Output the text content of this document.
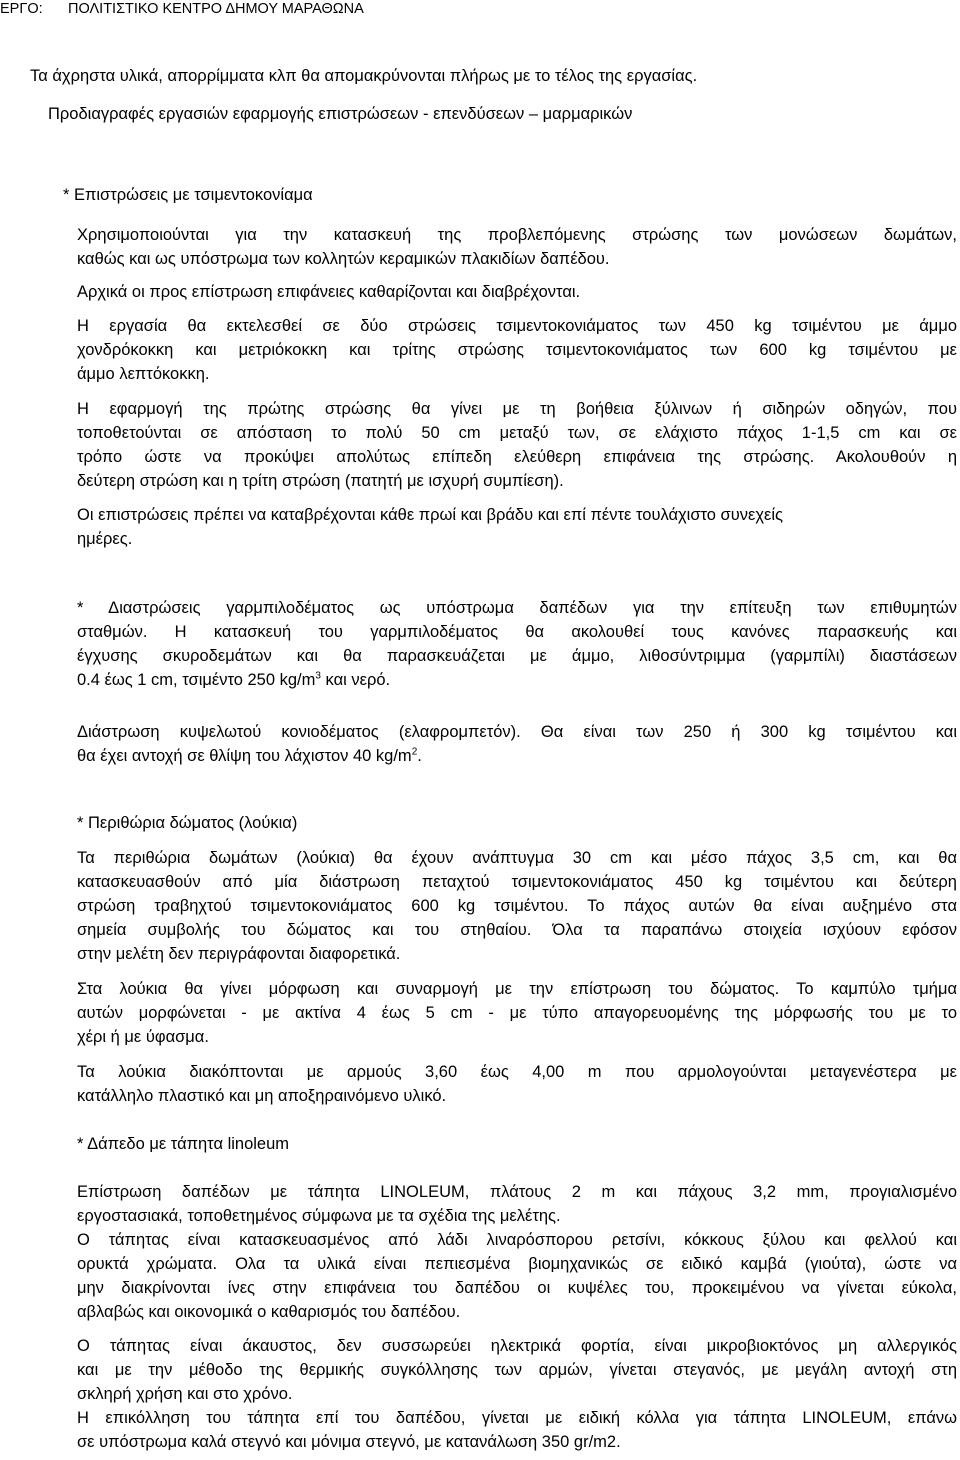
ΕΡΓΟ: ΠΟΛΙΤΙΣΤΙΚΟ ΚΕΝΤΡΟ ΔΗΜΟΥ ΜΑΡΑΘΩΝΑ
Τα άχρηστα υλικά, απορρίμματα κλπ θα απομακρύνονται πλήρως με το τέλος της εργασίας.
Προδιαγραφές εργασιών εφαρμογής επιστρώσεων - επενδύσεων – μαρμαρικών
* Επιστρώσεις με τσιμεντοκονίαμα
Χρησιμοποιούνται για την κατασκευή της προβλεπόμενης στρώσης των μονώσεων δωμάτων,
καθώς και ως υπόστρωμα των κολλητών κεραμικών πλακιδίων δαπέδου.
Αρχικά οι προς επίστρωση επιφάνειες καθαρίζονται και διαβρέχονται.
Η εργασία θα εκτελεσθεί σε δύο στρώσεις τσιμεντοκονιάματος των 450 kg τσιμέντου με άμμο
χονδρόκοκκη και μετριόκοκκη και τρίτης στρώσης τσιμεντοκονιάματος των 600 kg τσιμέντου με
άμμο λεπτόκοκκη.
Η εφαρμογή της πρώτης στρώσης θα γίνει με τη βοήθεια ξύλινων ή σιδηρών οδηγών, που
τοποθετούνται σε απόσταση το πολύ 50 cm μεταξύ των, σε ελάχιστο πάχος 1-1,5 cm και σε
τρόπο ώστε να προκύψει απολύτως επίπεδη ελεύθερη επιφάνεια της στρώσης. Ακολουθούν η
δεύτερη στρώση και η τρίτη στρώση (πατητή με ισχυρή συμπίεση).
Οι επιστρώσεις πρέπει να καταβρέχονται κάθε πρωί και βράδυ και επί πέντε τουλάχιστο συνεχείς
ημέρες.
* Διαστρώσεις γαρμπιλοδέματος ως υπόστρωμα δαπέδων για την επίτευξη των επιθυμητών
σταθμών. Η κατασκευή του γαρμπιλοδέματος θα ακολουθεί τους κανόνες παρασκευής και
έγχυσης σκυροδεμάτων και θα παρασκευάζεται με άμμο, λιθοσύντριμμα (γαρμπίλι) διαστάσεων
0.4 έως 1 cm, τσιμέντο 250 $kg/m^3$ και νερό.
Διάστρωση κυψελωτού κονιοδέματος (ελαφρομπετόν). Θα είναι των 250 ή 300 kg τσιμέντου και
θα έχει αντοχή σε θλίψη του λάχιστον 40 $kg/m^2$.
* Περιθώρια δώματος (λούκια)
Τα περιθώρια δωμάτων (λούκια) θα έχουν ανάπτυγμα 30 cm και μέσο πάχος 3,5 cm, και θα
κατασκευασθούν από μία διάστρωση πεταχτού τσιμεντοκονιάματος 450 kg τσιμέντου και δεύτερη
στρώση τραβηχτού τσιμεντοκονιάματος 600 kg τσιμέντου. Το πάχος αυτών θα είναι αυξημένο στα
σημεία συμβολής του δώματος και του στηθαίου. Όλα τα παραπάνω στοιχεία ισχύουν εφόσον
στην μελέτη δεν περιγράφονται διαφορετικά.
Στα λούκια θα γίνει μόρφωση και συναρμογή με την επίστρωση του δώματος. Το καμπύλο τμήμα
αυτών μορφώνεται - με ακτίνα 4 έως 5 cm - με τύπο απαγορευομένης της μόρφωσής του με το
χέρι ή με ύφασμα.
Τα λούκια διακόπτονται με αρμούς 3,60 έως 4,00 m που αρμολογούνται μεταγενέστερα με
κατάλληλο πλαστικό και μη αποξηραινόμενο υλικό.
* Δάπεδο με τάπητα linoleum
Επίστρωση δαπέδων με τάπητα LINOLEUM, πλάτους 2 m και πάχους 3,2 mm, προγιαλισμένο
εργοστασιακά, τοποθετημένος σύμφωνα με τα σχέδια της μελέτης.
Ο τάπητας είναι κατασκευασμένος από λάδι λιναρόσπορου ρετσίνι, κόκκους ξύλου και φελλού και
ορυκτά χρώματα. Ολα τα υλικά είναι πεπιεσμένα βιομηχανικώς σε ειδικό καμβά (γιούτα), ώστε να
μην διακρίνονται ίνες στην επιφάνεια του δαπέδου οι κυψέλες του, προκειμένου να γίνεται εύκολα,
αβλαβώς και οικονομικά ο καθαρισμός του δαπέδου.
Ο τάπητας είναι άκαυστος, δεν συσσωρεύει ηλεκτρικά φορτία, είναι μικροβιοκτόνος μη αλλεργικός
και με την μέθοδο της θερμικής συγκόλλησης των αρμών, γίνεται στεγανός, με μεγάλη αντοχή στη
σκληρή χρήση και στο χρόνο.
Η επικόλληση του τάπητα επί του δαπέδου, γίνεται με ειδική κόλλα για τάπητα LINOLEUM, επάνω
σε υπόστρωμα καλά στεγνό και μόνιμα στεγνό, με κατανάλωση 350 gr/m2.
